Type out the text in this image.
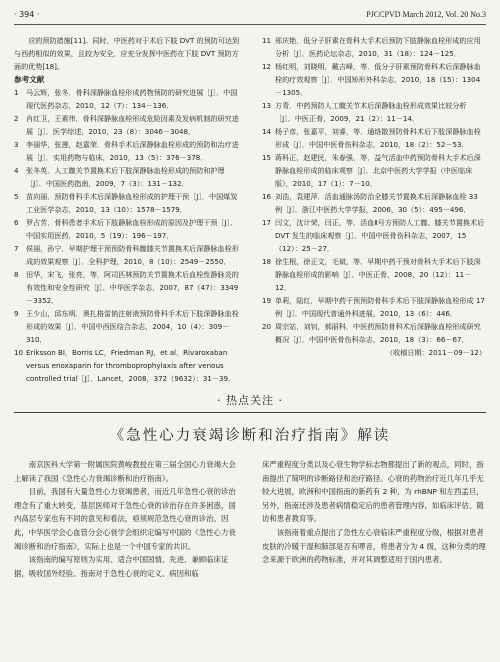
· 394 ·	PJCCPVD March 2012, Vol. 20 No.3

应的预防措施[11]。同时，中医药对于术后下肢 DVT 的预防可达到与西药相似的效果，且较为安全，应充分发挥中医药在下肢 DVT 预防方面的优势[18]。

参考文献

1	马云辉，张冬．骨科深静脉血栓形成药物预防的研究进展［J］．中国现代医药杂志，2010，12（7）：134－136．
2	肖红卫，王素伟．骨科深静脉血栓形成危险因素及发病机制的研究进展［J］．医学综述，2010，23（8）：3046－3048．
3	李丽华，张莲，赵嘉荣．骨科手术后深静脉血栓形成的预防和治疗进展［J］．实用药物与临床，2010，13（5）：376－378．
4	张冬英．人工髋关节置换术后下肢深静脉血栓形成的预防和护理［J］．中国医药指南，2009，7（3）：131－132．
5	苗向丽．预防骨科手术后深静脉血栓形成的护理干预［J］．中国煤炭工业医学杂志，2010，13（10）：1578－1579．
6	罗占芳．骨科患者手术后下肢静脉血栓形成的原因及护理干预［J］．中国实用医药，2010，5（19）：196－197．
7	侯丽，孙宁．早期护理干预预防骨科髋膝关节置换术后深静脉血栓形成的效果观察［J］．全科护理，2010，8（10）：2549－2550．
8	田华，宋飞，张亮，等．阿司匹林预防关节置换术后血栓性静脉炎的有效性和安全性研究［J］．中华医学杂志，2007，87（47）：3349－3352．
9	王少山，邱东明．奥扎格雷钠注射液预防骨科手术后下肢深静脉血栓形成的效果［J］．中国中西医结合杂志，2004，10（4）：309－310．
10 Eriksson BI，Borris LC，Friedman RJ，et al．Rivaroxaban versus enoxaparin for thromboprophylaxis after venous controlled trial［J］．Lancet，2008，372（9632）：31－39．
11 邢庆艳．低分子肝素在骨科大手术后预防下肢静脉血栓形成的应用分析［J］．医药论坛杂志，2010，31（18）：124－125．
12 杨红明，刘晓明，戴吉峰，等．低分子肝素预防骨科术后深静脉血栓的疗效观察［J］．中国矫形外科杂志，2010，18（15）：1304－1305．
13 方青．中药预防人工髋关节术后深静脉血栓形成效果比较分析［J］．中医正骨，2009，21（2）：11－14．
14 杨子彦，张嘉平，刘睿，等．通络散预防骨科术后下肢深静脉血栓形成［J］．中国中医骨伤科杂志，2010，18（2）：52－53．
15 蒋科正，赵建民，朱春强，等．益气活血中药预防骨科大手术后深静脉血栓形成的临床观察［J］．北京中医药大学学报（中医临床版），2010，17（1）：7－10．
16 刘浩，袁建萍．活血通脉汤防治全膝关节置换术后深静脉血栓 33 例［J］．浙江中医药大学学报，2006，30（5）：495－496．
17 闫文，沈计荣，闫正，等．活血Ⅱ号方预防人工髋、膝关节置换术后 DVT 发生的临床观察［J］．中国中医骨伤科杂志，2007，15（12）：25－27．
18 徐生根，徐正文，毛斌，等．早期中药干预对骨科大手术后下肢深静脉血栓形成的影响［J］．中医正骨，2008，20（12）：11－12．
19 单莉，陆红．早期中药干预预防骨科手术后下肢深静脉血栓形成 17 例［J］．中国现代普通外科进展，2010，13（6）：446．
20 周宗站，刘钊，郝丽科．中医药预防骨科术后深静脉血栓形成研究概况［J］．中国中医骨伤科杂志，2010，18（3）：66－67．

（收稿日期：2011－09－12）

· 热点关注 ·
《急性心力衰竭诊断和治疗指南》解读

南京医科大学第一附属医院黄峻教授在第三届全国心力衰竭大会上解读了我国《急性心力衰竭诊断和治疗指南》。

目前，我国有大量急性心力衰竭患者，而近几年急性心衰的诊治理念有了重大转变，基层医师对于急性心衰的诊治存在许多困惑，国内高层专家也有不同的意见和看法，亟须规范急性心衰的诊治。因此，中华医学会心血管分会心衰学会组织定编写中国的《急性心力衰竭诊断和治疗指南》，实际上也是一个中国专家的共识。

该指南的编写原则为实用、适合中国国情、先进、兼顾临床证据，吸收国外经验。指南对于急性心衰的定义、病因和临

床严重程度分类以及心衰生物学标志物都提出了新的观点，同时，指南提出了简明的诊断路径和治疗路径。心衰的药物治疗近几年几乎无较大进展，欧洲和中国指南的新药有 2 种，为 rhBNP 和左西孟旦，另外，指南还涉及患者病情稳定后的患者管理内容，如临床评估、随访和患者教育等。

该指南着重点提出了急性左心衰临床严重程度分级，根据对患者皮肤的冷暖干湿和肺部是否有啰音，将患者分为 4 级，这种分类的理念来源于欧洲的药物标准，并对其调整适用于国内患者。
